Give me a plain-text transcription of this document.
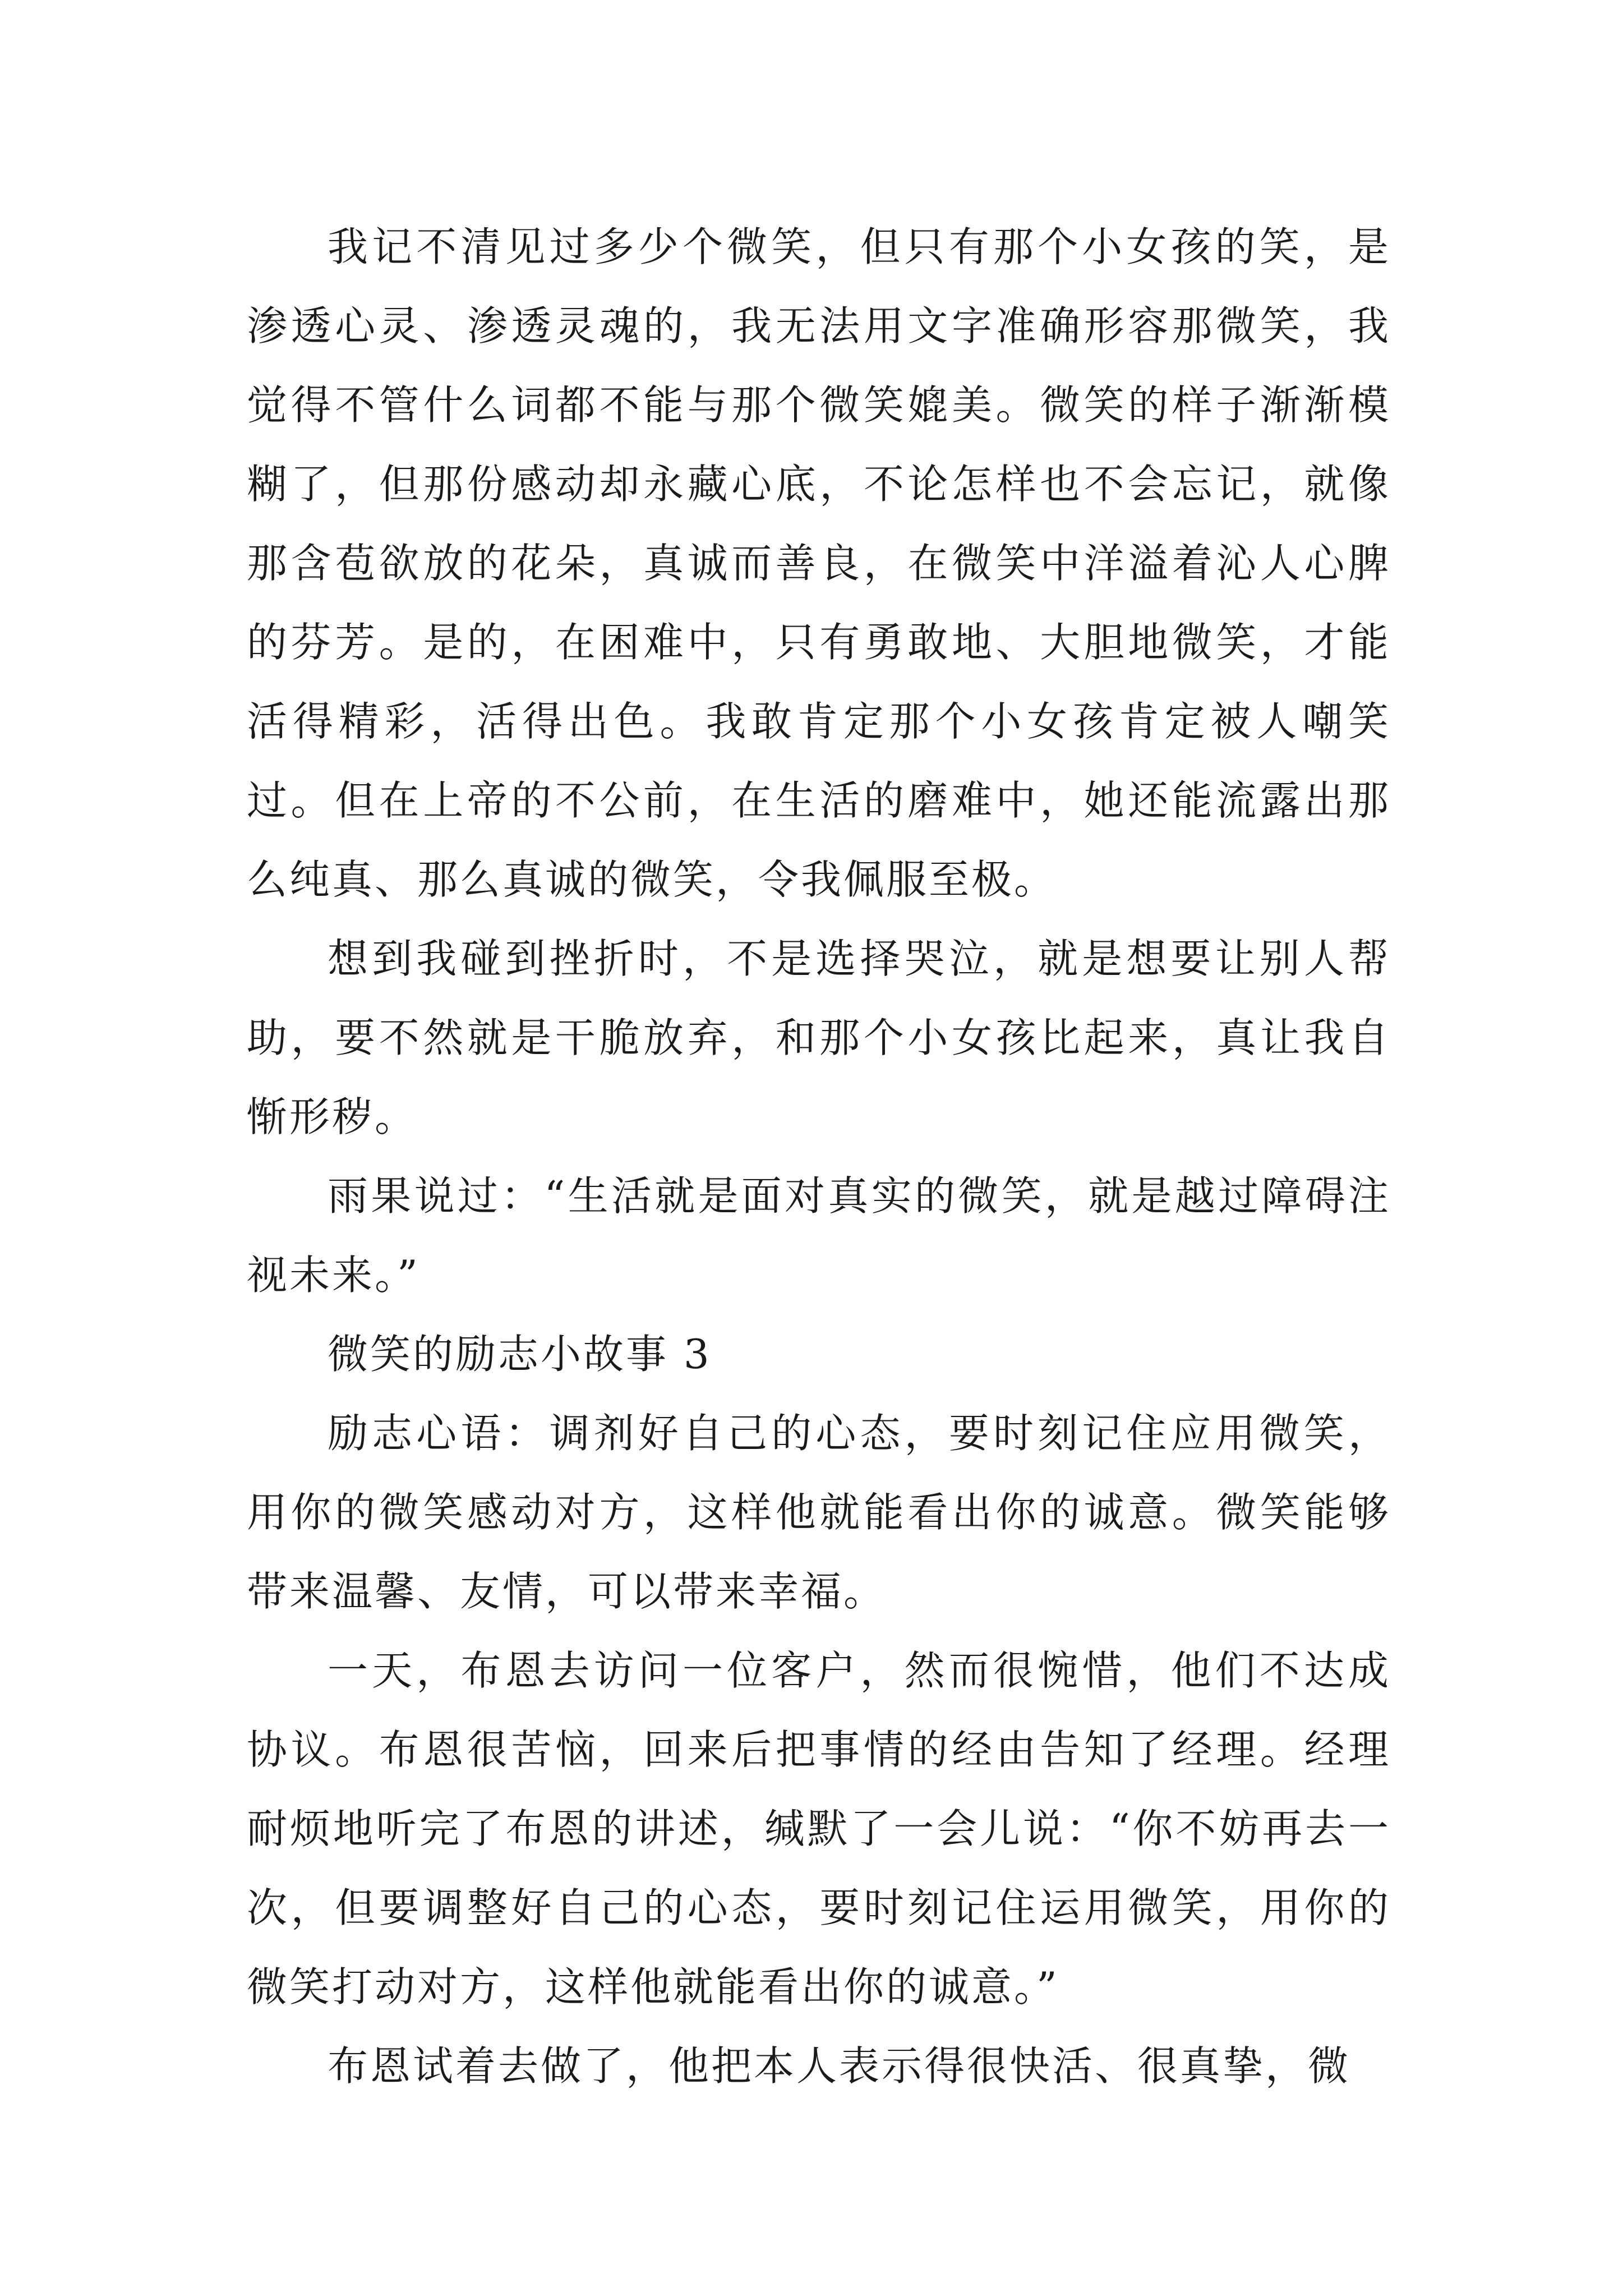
我记不清见过多少个微笑，但只有那个小女孩的笑，是渗透心灵、渗透灵魂的，我无法用文字准确形容那微笑，我觉得不管什么词都不能与那个微笑媲美。微笑的样子渐渐模糊了，但那份感动却永藏心底，不论怎样也不会忘记，就像那含苞欲放的花朵，真诚而善良，在微笑中洋溢着沁人心脾的芬芳。是的，在困难中，只有勇敢地、大胆地微笑，才能活得精彩，活得出色。我敢肯定那个小女孩肯定被人嘲笑过。但在上帝的不公前，在生活的磨难中，她还能流露出那么纯真、那么真诚的微笑，令我佩服至极。

想到我碰到挫折时，不是选择哭泣，就是想要让别人帮助，要不然就是干脆放弃，和那个小女孩比起来，真让我自惭形秽。

雨果说过：“生活就是面对真实的微笑，就是越过障碍注视未来。”

微笑的励志小故事 3

励志心语：调剂好自己的心态，要时刻记住应用微笑，用你的微笑感动对方，这样他就能看出你的诚意。微笑能够带来温馨、友情，可以带来幸福。

一天，布恩去访问一位客户，然而很惋惜，他们不达成协议。布恩很苦恼，回来后把事情的经由告知了经理。经理耐烦地听完了布恩的讲述，缄默了一会儿说：“你不妨再去一次，但要调整好自己的心态，要时刻记住运用微笑，用你的微笑打动对方，这样他就能看出你的诚意。”

布恩试着去做了，他把本人表示得很快活、很真挚，微
